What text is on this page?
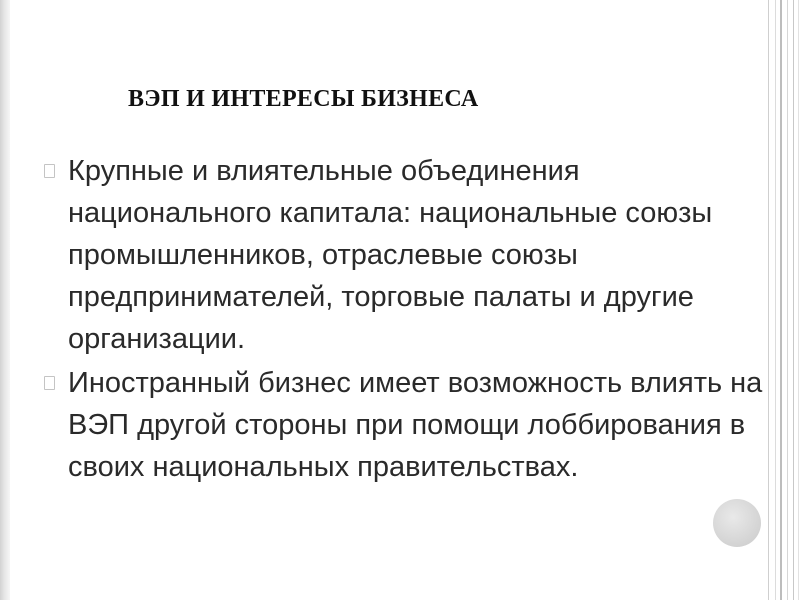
ВЭП И ИНТЕРЕСЫ БИЗНЕСА
Крупные и влиятельные объединения национального капитала: национальные союзы промышленников, отраслевые союзы предпринимателей, торговые палаты и другие организации.
Иностранный бизнес имеет возможность влиять на ВЭП другой стороны при помощи лоббирования в своих национальных правительствах.
